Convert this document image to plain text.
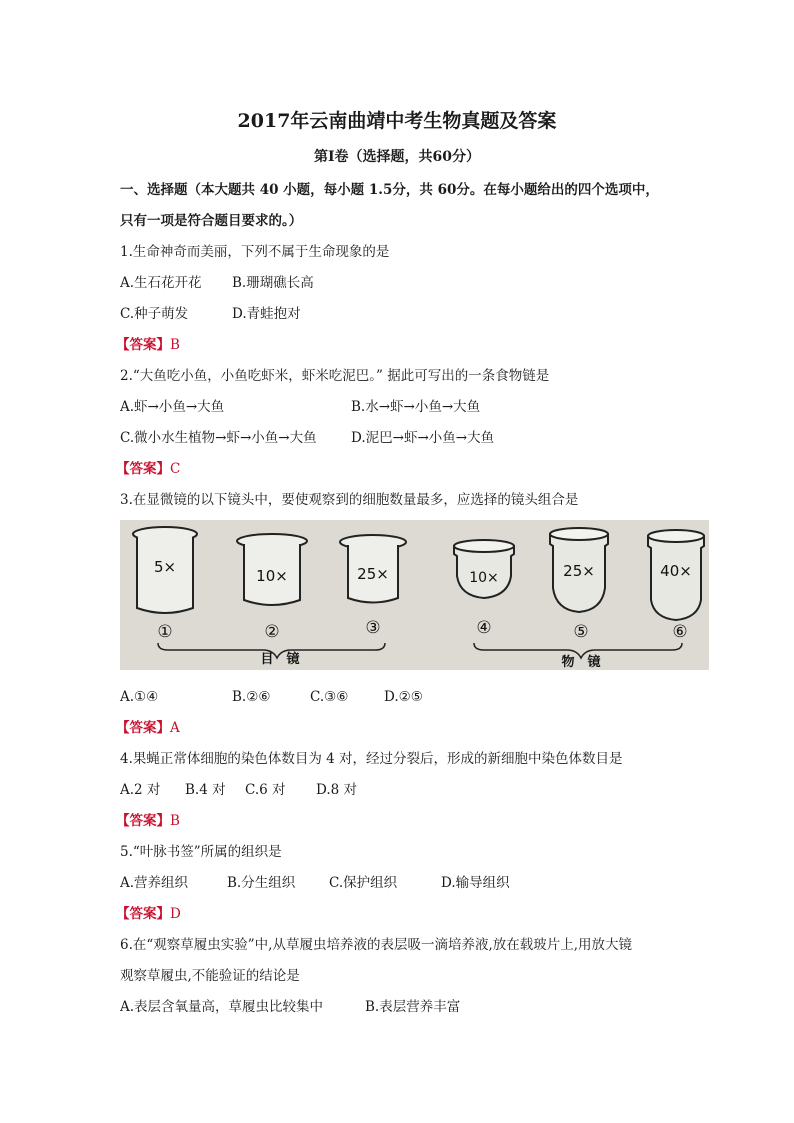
2017年云南曲靖中考生物真题及答案
第Ⅰ卷（选择题，共60分）
一、选择题（本大题共 40 小题，每小题 1.5分，共 60分。在每小题给出的四个选项中，
只有一项是符合题目要求的。）
1.生命神奇而美丽，下列不属于生命现象的是
A.生石花开花 B.珊瑚礁长高
C.种子萌发	D.青蛙抱对
【答案】B
2.“大鱼吃小鱼，小鱼吃虾米，虾米吃泥巴。” 据此可写出的一条食物链是
A.虾→小鱼→大鱼	B.水→虾→小鱼→大鱼
C.微小水生植物→虾→小鱼→大鱼	D.泥巴→虾→小鱼→大鱼
【答案】C
3.在显微镜的以下镜头中，要使观察到的细胞数量最多，应选择的镜头组合是
5×	10×	25×	10×	25×	40×
①	②	③	④	⑤	⑥
目　镜	物　镜
A.①④	B.②⑥	C.③⑥	D.②⑤
【答案】A
4.果蝇正常体细胞的染色体数目为 4 对，经过分裂后，形成的新细胞中染色体数目是
A.2 对 B.4 对 C.6 对 D.8 对
【答案】B
5.“叶脉书签”所属的组织是
A.营养组织	B.分生组织	C.保护组织	D.输导组织
【答案】D
6.在“观察草履虫实验”中,从草履虫培养液的表层吸一滴培养液,放在载玻片上,用放大镜
观察草履虫,不能验证的结论是
A.表层含氧量高，草履虫比较集中	B.表层营养丰富
